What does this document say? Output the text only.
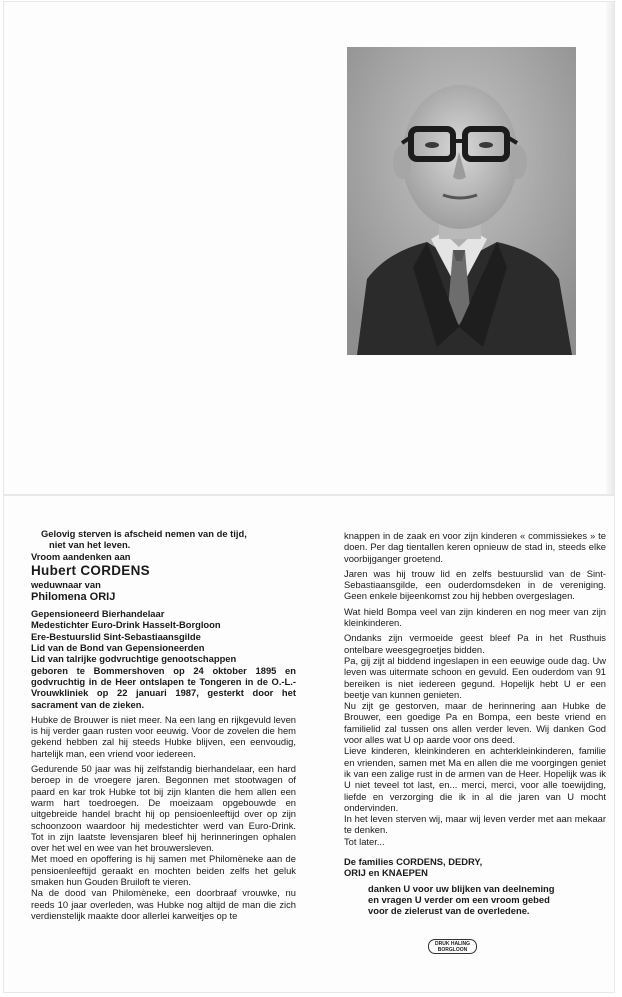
Gelovig sterven is afscheid nemen van de tijd,

niet van het leven.

Vroom aandenken aan

Hubert CORDENS

weduwnaar van

Philomena ORIJ

Gepensioneerd Bierhandelaar

Medestichter Euro-Drink Hasselt-Borgloon

Ere-Bestuurslid Sint-Sebastiaansgilde

Lid van de Bond van Gepensioneerden

Lid van talrijke godvruchtige genootschappen

geboren te Bommershoven op 24 oktober 1895 en godvruchtig in de Heer ontslapen te Tongeren in de O.-L.-Vrouwkliniek op 22 januari 1987, gesterkt door het sacrament van de zieken.

Hubke de Brouwer is niet meer. Na een lang en rijkgevuld leven is hij verder gaan rusten voor eeuwig. Voor de zovelen die hem gekend hebben zal hij steeds Hubke blijven, een eenvoudig, hartelijk man, een vriend voor iedereen.

Gedurende 50 jaar was hij zelfstandig bierhandelaar, een hard beroep in de vroegere jaren. Begonnen met stootwagen of paard en kar trok Hubke tot bij zijn klanten die hem allen een warm hart toedroegen. De moeizaam opgebouwde en uitgebreide handel bracht hij op pensioenleeftijd over op zijn schoonzoon waardoor hij medestichter werd van Euro-Drink. Tot in zijn laatste levensjaren bleef hij herinneringen ophalen over het wel en wee van het brouwersleven.

Met moed en opoffering is hij samen met Philomèneke aan de pensioenleeftijd geraakt en mochten beiden zelfs het geluk smaken hun Gouden Bruiloft te vieren.

Na de dood van Philomèneke, een doorbraaf vrouwke, nu reeds 10 jaar overleden, was Hubke nog altijd de man die zich verdienstelijk maakte door allerlei karweitjes op te

knappen in de zaak en voor zijn kinderen « commissiekes » te doen. Per dag tientallen keren opnieuw de stad in, steeds elke voorbijganger groetend.

Jaren was hij trouw lid en zelfs bestuurslid van de Sint-Sebastiaansgilde, een ouderdomsdeken in de vereniging. Geen enkele bijeenkomst zou hij hebben overgeslagen.

Wat hield Bompa veel van zijn kinderen en nog meer van zijn kleinkinderen.

Ondanks zijn vermoeide geest bleef Pa in het Rusthuis ontelbare weesgegroetjes bidden.

Pa, gij zijt al biddend ingeslapen in een eeuwige oude dag. Uw leven was uitermate schoon en gevuld. Een ouderdom van 91 bereiken is niet iedereen gegund. Hopelijk hebt U er een beetje van kunnen genieten.

Nu zijt ge gestorven, maar de herinnering aan Hubke de Brouwer, een goedige Pa en Bompa, een beste vriend en familielid zal tussen ons allen verder leven. Wij danken God voor alles wat U op aarde voor ons deed.

Lieve kinderen, kleinkinderen en achterkleinkinderen, familie en vrienden, samen met Ma en allen die me voorgingen geniet ik van een zalige rust in de armen van de Heer. Hopelijk was ik U niet teveel tot last, en... merci, merci, voor alle toewijding, liefde en verzorging die ik in al die jaren van U mocht ondervinden.

In het leven sterven wij, maar wij leven verder met aan mekaar te denken.

Tot later...

De families CORDENS, DEDRY,

ORIJ en KNAEPEN

danken U voor uw blijken van deelneming

en vragen U verder om een vroom gebed

voor de zielerust van de overledene.

DRUK HALING
BORGLOON
